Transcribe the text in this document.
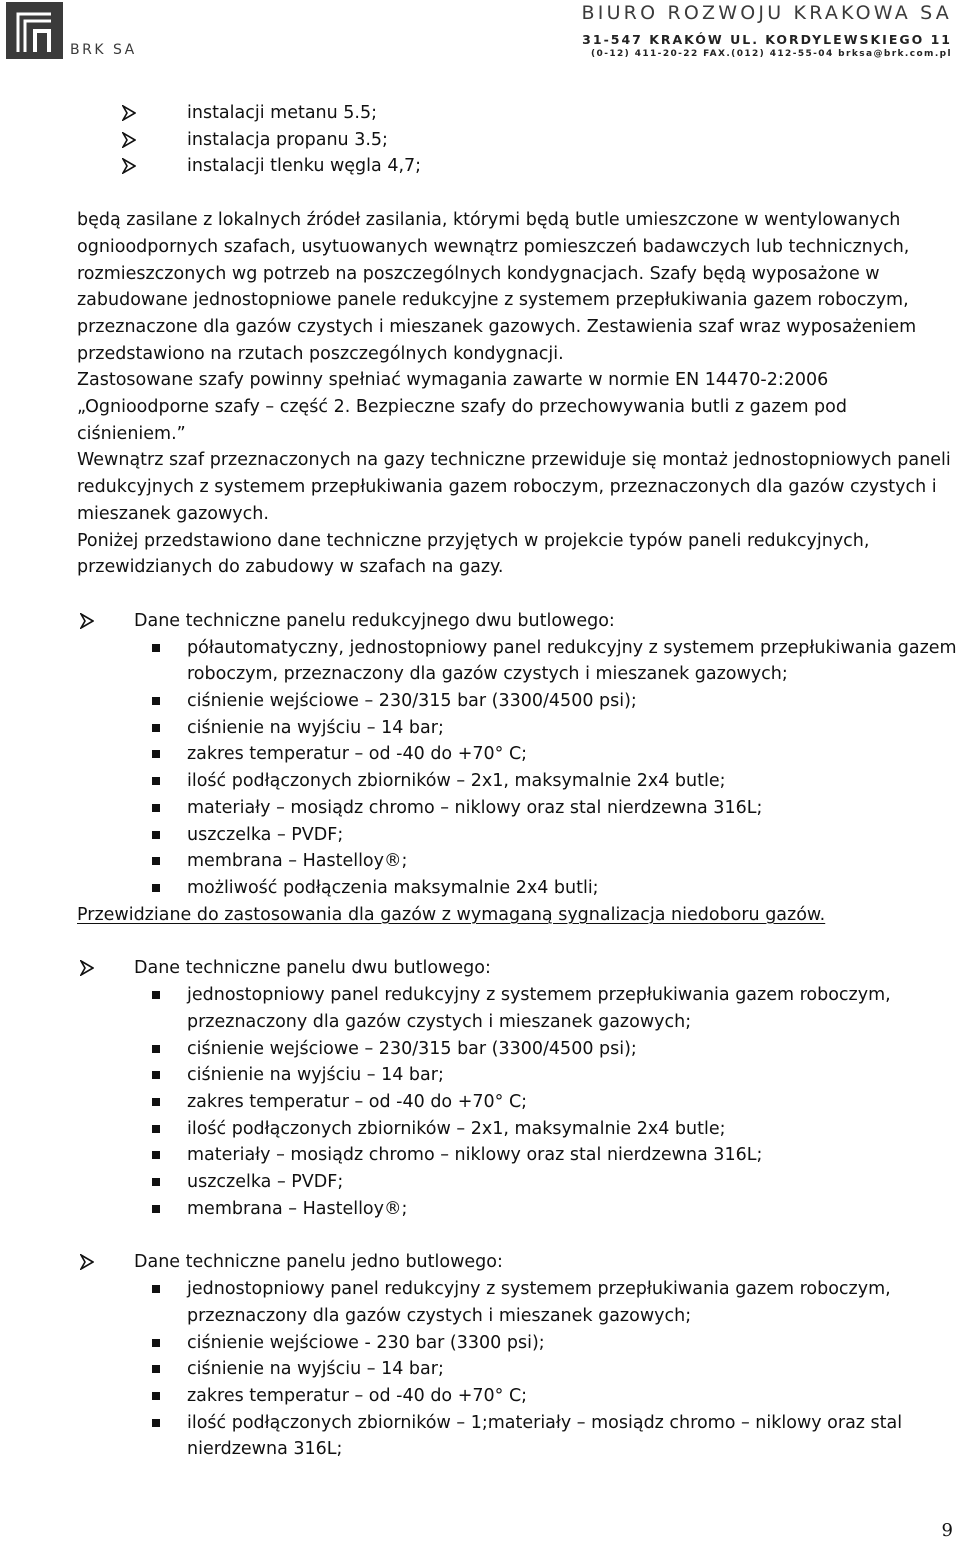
BRK SA
BIURO ROZWOJU KRAKOWA SA
31-547 KRAKÓW UL. KORDYLEWSKIEGO 11
(0-12) 411-20-22 FAX.(012) 412-55-04 brksa@brk.com.pl
instalacji metanu 5.5;
instalacja propanu 3.5;
instalacji tlenku węgla 4,7;

będą zasilane z lokalnych źródeł zasilania, którymi będą butle umieszczone w wentylowanych ognioodpornych szafach, usytuowanych wewnątrz pomieszczeń badawczych lub technicznych, rozmieszczonych wg potrzeb na poszczególnych kondygnacjach. Szafy będą wyposażone w zabudowane jednostopniowe panele redukcyjne z systemem przepłukiwania gazem roboczym, przeznaczone dla gazów czystych i mieszanek gazowych. Zestawienia szaf wraz wyposażeniem przedstawiono na rzutach poszczególnych kondygnacji.

Zastosowane szafy powinny spełniać wymagania zawarte w normie EN 14470-2:2006 „Ognioodporne szafy – część 2. Bezpieczne szafy do przechowywania butli z gazem pod ciśnieniem.”

Wewnątrz szaf przeznaczonych na gazy techniczne przewiduje się montaż jednostopniowych paneli redukcyjnych z systemem przepłukiwania gazem roboczym, przeznaczonych dla gazów czystych i mieszanek gazowych.

Poniżej przedstawiono dane techniczne przyjętych w projekcie typów paneli redukcyjnych, przewidzianych do zabudowy w szafach na gazy.

Dane techniczne panelu redukcyjnego dwu butlowego:
półautomatyczny, jednostopniowy panel redukcyjny z systemem przepłukiwania gazem roboczym, przeznaczony dla gazów czystych i mieszanek gazowych;
ciśnienie wejściowe – 230/315 bar (3300/4500 psi);
ciśnienie na wyjściu – 14 bar;
zakres temperatur – od -40 do +70° C;
ilość podłączonych zbiorników – 2x1, maksymalnie 2x4 butle;
materiały – mosiądz chromo – niklowy oraz stal nierdzewna 316L;
uszczelka – PVDF;
membrana – Hastelloy®;
możliwość podłączenia maksymalnie 2x4 butli;

Przewidziane do zastosowania dla gazów z wymaganą sygnalizacja niedoboru gazów.

Dane techniczne panelu dwu butlowego:
jednostopniowy panel redukcyjny z systemem przepłukiwania gazem roboczym, przeznaczony dla gazów czystych i mieszanek gazowych;
ciśnienie wejściowe – 230/315 bar (3300/4500 psi);
ciśnienie na wyjściu – 14 bar;
zakres temperatur – od -40 do +70° C;
ilość podłączonych zbiorników – 2x1, maksymalnie 2x4 butle;
materiały – mosiądz chromo – niklowy oraz stal nierdzewna 316L;
uszczelka – PVDF;
membrana – Hastelloy®;
Dane techniczne panelu jedno butlowego:
jednostopniowy panel redukcyjny z systemem przepłukiwania gazem roboczym, przeznaczony dla gazów czystych i mieszanek gazowych;
ciśnienie wejściowe - 230 bar (3300 psi);
ciśnienie na wyjściu – 14 bar;
zakres temperatur – od -40 do +70° C;
ilość podłączonych zbiorników – 1;materiały – mosiądz chromo – niklowy oraz stal nierdzewna 316L;
9
